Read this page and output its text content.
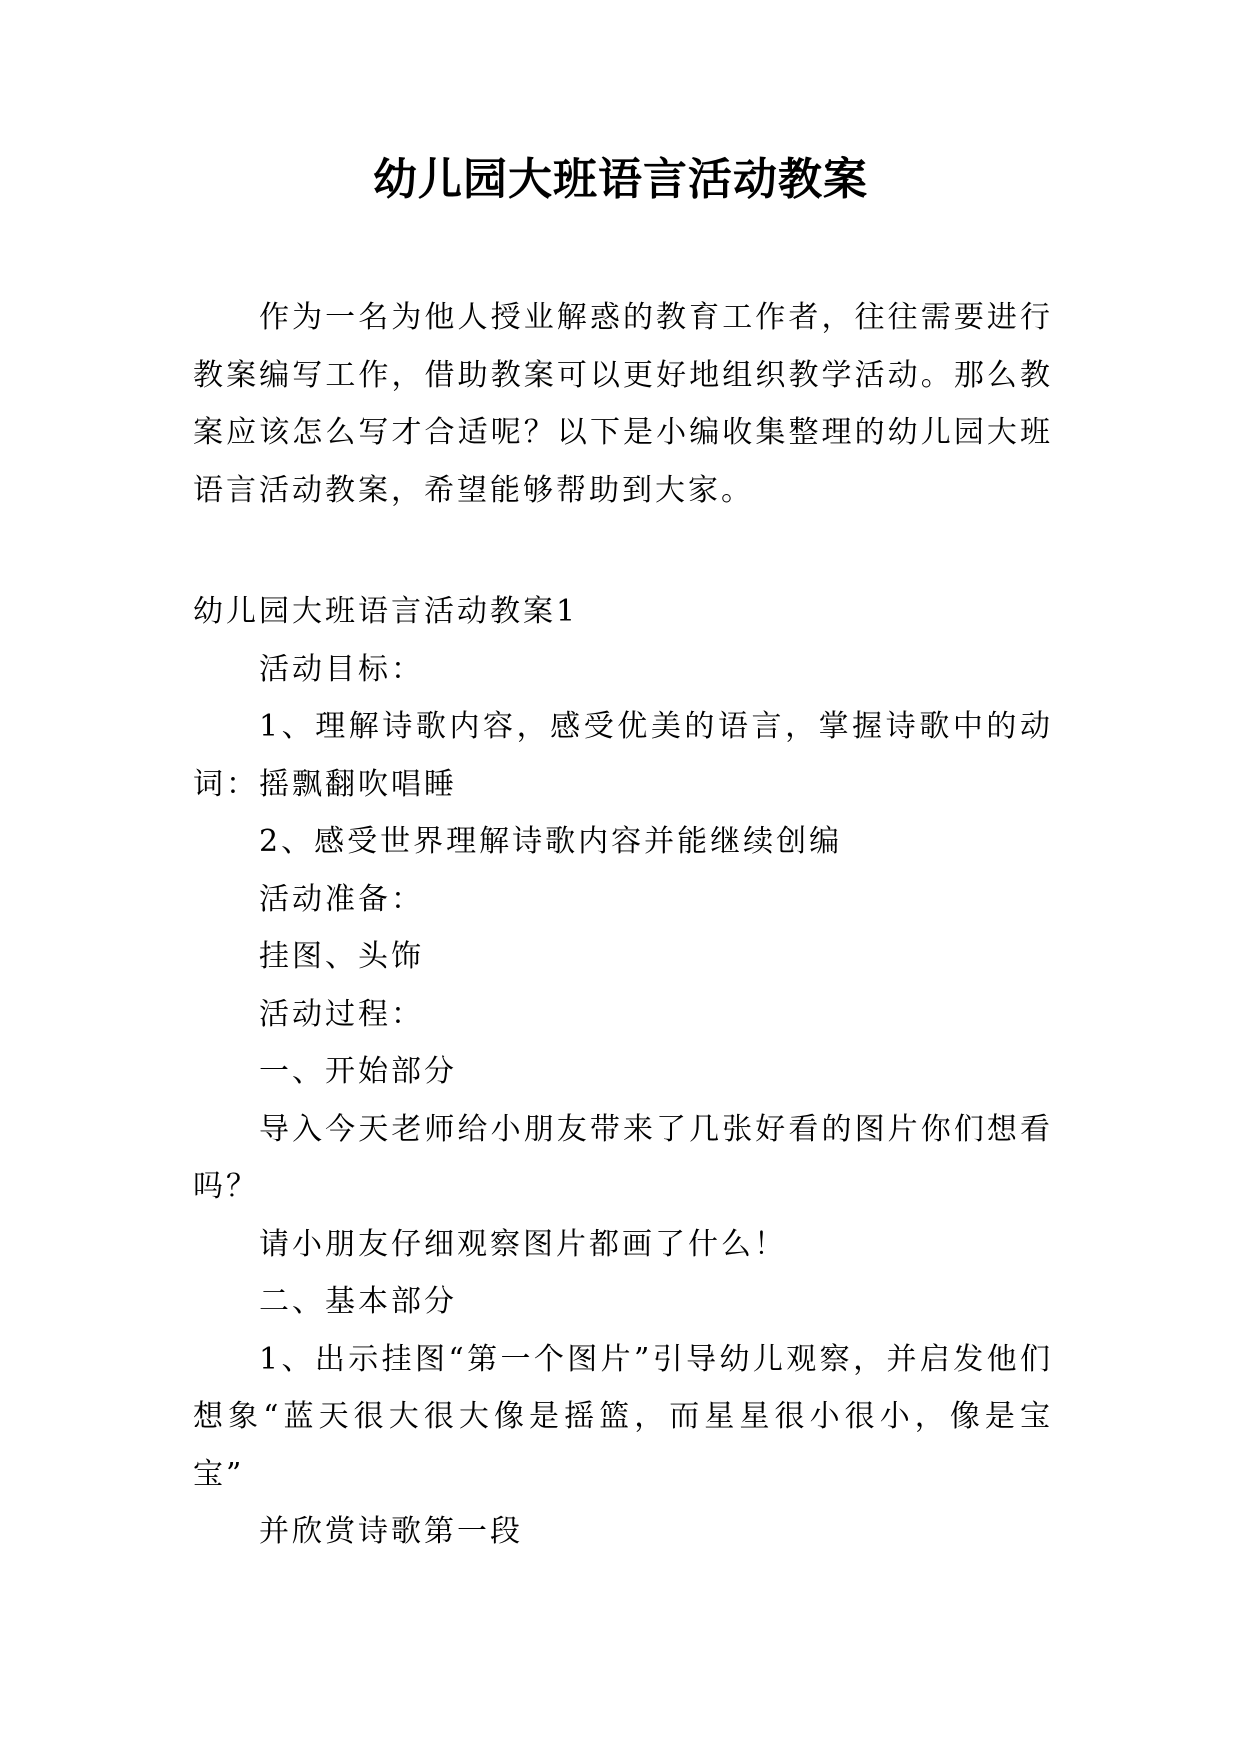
幼儿园大班语言活动教案
作为一名为他人授业解惑的教育工作者，往往需要进行教案编写工作，借助教案可以更好地组织教学活动。那么教案应该怎么写才合适呢？以下是小编收集整理的幼儿园大班语言活动教案，希望能够帮助到大家。

幼儿园大班语言活动教案1

活动目标：

1、理解诗歌内容，感受优美的语言，掌握诗歌中的动词：摇飘翻吹唱睡

2、感受世界理解诗歌内容并能继续创编

活动准备：

挂图、头饰

活动过程：

一、开始部分

导入今天老师给小朋友带来了几张好看的图片你们想看吗？

请小朋友仔细观察图片都画了什么！

二、基本部分

1、出示挂图“第一个图片”引导幼儿观察，并启发他们想象“蓝天很大很大像是摇篮，而星星很小很小，像是宝宝”

并欣赏诗歌第一段
